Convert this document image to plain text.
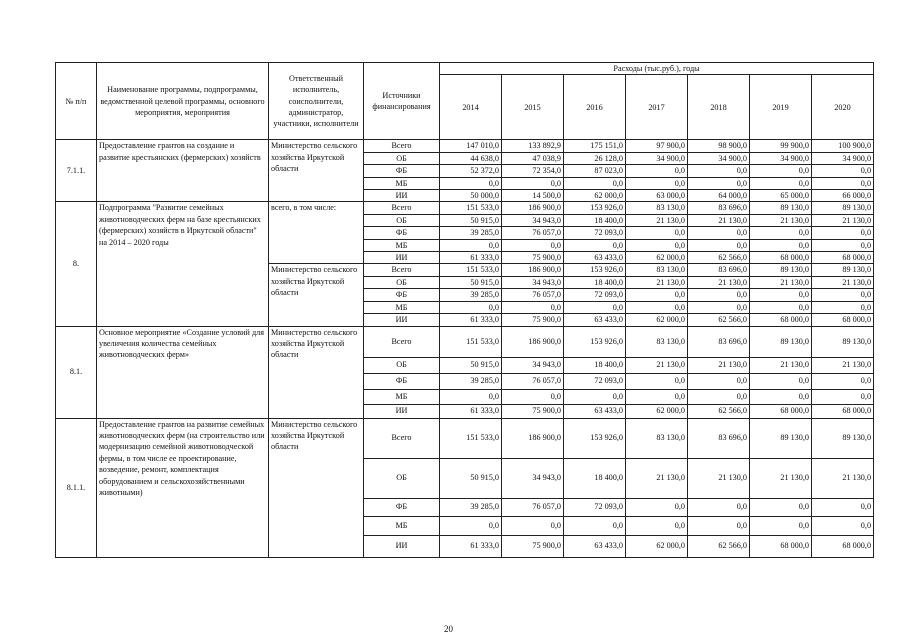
№ п/п	Наименование программы, подпрограммы, ведомственной целевой программы, основного мероприятия, мероприятия	Ответственный исполнитель, соисполнители, администратор, участники, исполнители	Источники финансирования	Расходы (тыс.руб.), годы						
				2014	2015	2016	2017	2018	2019	2020
7.1.1.	Предоставление грантов на создание и развитие крестьянских (фермерских) хозяйств	Министерство сельского хозяйства Иркутской области	Всего	147 010,0	133 892,9	175 151,0	97 900,0	98 900,0	99 900,0	100 900,0
			ОБ	44 638,0	47 038,9	26 128,0	34 900,0	34 900,0	34 900,0	34 900,0
			ФБ	52 372,0	72 354,0	87 023,0	0,0	0,0	0,0	0,0
			МБ	0,0	0,0	0,0	0,0	0,0	0,0	0,0
			ИИ	50 000,0	14 500,0	62 000,0	63 000,0	64 000,0	65 000,0	66 000,0
8.	Подпрограмма "Развитие семейных животноводческих ферм на базе крестьянских (фермерских) хозяйств в Иркутской области" на 2014 – 2020 годы	всего, в том числе:	Всего	151 533,0	186 900,0	153 926,0	83 130,0	83 696,0	89 130,0	89 130,0
			ОБ	50 915,0	34 943,0	18 400,0	21 130,0	21 130,0	21 130,0	21 130,0
			ФБ	39 285,0	76 057,0	72 093,0	0,0	0,0	0,0	0,0
			МБ	0,0	0,0	0,0	0,0	0,0	0,0	0,0
			ИИ	61 333,0	75 900,0	63 433,0	62 000,0	62 566,0	68 000,0	68 000,0
		Министерство сельского хозяйства Иркутской области	Всего	151 533,0	186 900,0	153 926,0	83 130,0	83 696,0	89 130,0	89 130,0
			ОБ	50 915,0	34 943,0	18 400,0	21 130,0	21 130,0	21 130,0	21 130,0
			ФБ	39 285,0	76 057,0	72 093,0	0,0	0,0	0,0	0,0
			МБ	0,0	0,0	0,0	0,0	0,0	0,0	0,0
			ИИ	61 333,0	75 900,0	63 433,0	62 000,0	62 566,0	68 000,0	68 000,0
8.1.	Основное мероприятие «Создание условий для увеличения количества семейных животноводческих ферм»	Министерство сельского хозяйства Иркутской области	Всего	151 533,0	186 900,0	153 926,0	83 130,0	83 696,0	89 130,0	89 130,0
			ОБ	50 915,0	34 943,0	18 400,0	21 130,0	21 130,0	21 130,0	21 130,0
			ФБ	39 285,0	76 057,0	72 093,0	0,0	0,0	0,0	0,0
			МБ	0,0	0,0	0,0	0,0	0,0	0,0	0,0
			ИИ	61 333,0	75 900,0	63 433,0	62 000,0	62 566,0	68 000,0	68 000,0
8.1.1.	Предоставление грантов на развитие семейных животноводческих ферм (на строительство или модернизацию семейной животноводческой фермы, в том числе ее проектирование, возведение, ремонт, комплектация оборудованием и сельскохозяйственными животными)	Министерство сельского хозяйства Иркутской области	Всего	151 533,0	186 900,0	153 926,0	83 130,0	83 696,0	89 130,0	89 130,0
			ОБ	50 915,0	34 943,0	18 400,0	21 130,0	21 130,0	21 130,0	21 130,0
			ФБ	39 285,0	76 057,0	72 093,0	0,0	0,0	0,0	0,0
			МБ	0,0	0,0	0,0	0,0	0,0	0,0	0,0
			ИИ	61 333,0	75 900,0	63 433,0	62 000,0	62 566,0	68 000,0	68 000,0
20
